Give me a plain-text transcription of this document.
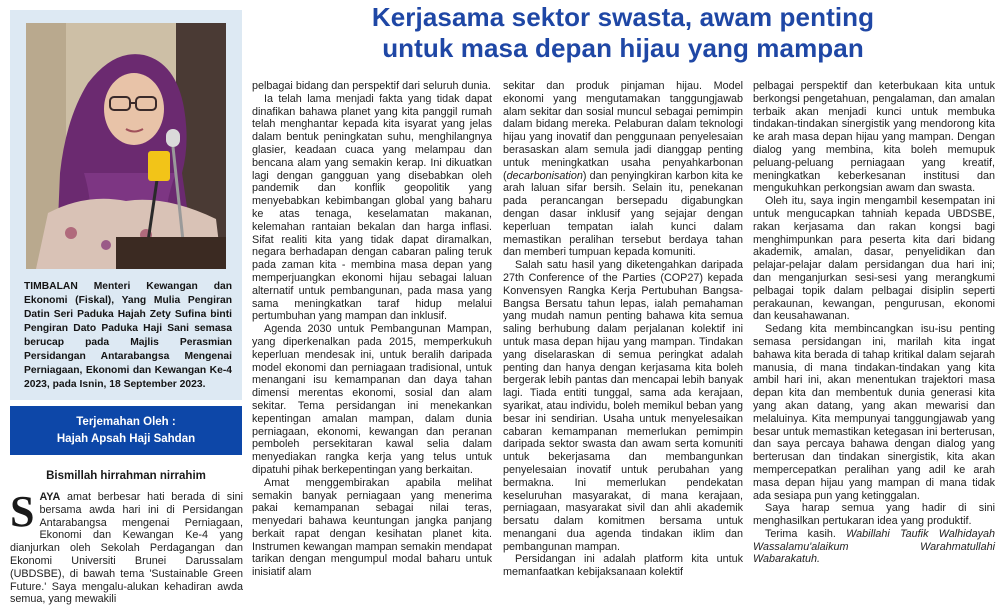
TIMBALAN Menteri Kewangan dan Ekonomi (Fiskal), Yang Mulia Pengiran Datin Seri Paduka Hajah Zety Sufina binti Pengiran Dato Paduka Haji Sani semasa berucap pada Majlis Perasmian Persidangan Antarabangsa Mengenai Perniagaan, Ekonomi dan Kewangan Ke-4 2023, pada Isnin, 18 September 2023.
Terjemahan Oleh :
Hajah Apsah Haji Sahdan
Bismillah hirrahman nirrahim
Kerjasama sektor swasta, awam penting
untuk masa depan hijau yang mampan

SAYA amat berbesar hati berada di sini bersama awda hari ini di Persidangan Antarabangsa mengenai Perniagaan, Ekonomi dan Kewangan Ke-4 yang dianjurkan oleh Sekolah Perdagangan dan Ekonomi Universiti Brunei Darussalam (UBDSBE), di bawah tema 'Sustainable Green Future.' Saya mengalu-alukan kehadiran awda semua, yang mewakili

pelbagai bidang dan perspektif dari seluruh dunia.

Ia telah lama menjadi fakta yang tidak dapat dinafikan bahawa planet yang kita panggil rumah telah menghantar kepada kita isyarat yang jelas dalam bentuk peningkatan suhu, menghilangnya glasier, keadaan cuaca yang melampau dan bencana alam yang semakin kerap. Ini dikuatkan lagi dengan gangguan yang disebabkan oleh pandemik dan konflik geopolitik yang menyebabkan kebimbangan global yang baharu ke atas tenaga, keselamatan makanan, kelemahan rantaian bekalan dan harga inflasi. Sifat realiti kita yang tidak dapat diramalkan, negara berhadapan dengan cabaran paling teruk pada zaman kita - membina masa depan yang memperjuangkan ekonomi hijau sebagai laluan alternatif untuk pembangunan, pada masa yang sama meningkatkan taraf hidup melalui pertumbuhan yang mampan dan inklusif.

Agenda 2030 untuk Pembangunan Mampan, yang diperkenalkan pada 2015, memperkukuh keperluan mendesak ini, untuk beralih daripada model ekonomi dan perniagaan tradisional, untuk menangani isu kemampanan dan daya tahan dimensi merentas ekonomi, sosial dan alam sekitar. Tema persidangan ini menekankan kepentingan amalan mampan, dalam dunia perniagaan, ekonomi, kewangan dan peranan pemboleh persekitaran kawal selia dalam menyediakan rangka kerja yang telus untuk dipatuhi pihak berkepentingan yang berkaitan.

Amat menggembirakan apabila melihat semakin banyak perniagaan yang menerima pakai kemampanan sebagai nilai teras, menyedari bahawa keuntungan jangka panjang berkait rapat dengan kesihatan planet kita. Instrumen kewangan mampan semakin mendapat tarikan dengan mengumpul modal baharu untuk inisiatif alam

sekitar dan produk pinjaman hijau. Model ekonomi yang mengutamakan tanggungjawab alam sekitar dan sosial muncul sebagai pemimpin dalam bidang mereka. Pelaburan dalam teknologi hijau yang inovatif dan penggunaan penyelesaian berasaskan alam semula jadi dianggap penting untuk meningkatkan usaha penyahkarbonan (decarbonisation) dan penyingkiran karbon kita ke arah laluan sifar bersih. Selain itu, penekanan pada perancangan bersepadu digabungkan dengan dasar inklusif yang sejajar dengan keperluan tempatan ialah kunci dalam memastikan peralihan tersebut berdaya tahan dan memberi tumpuan kepada komuniti.

Salah satu hasil yang diketengahkan daripada 27th Conference of the Parties (COP27) kepada Konvensyen Rangka Kerja Pertubuhan Bangsa-Bangsa Bersatu tahun lepas, ialah pemahaman yang mudah namun penting bahawa kita semua saling berhubung dalam perjalanan kolektif ini untuk masa depan hijau yang mampan. Tindakan yang diselaraskan di semua peringkat adalah penting dan hanya dengan kerjasama kita boleh bergerak lebih pantas dan mencapai lebih banyak lagi. Tiada entiti tunggal, sama ada kerajaan, syarikat, atau individu, boleh memikul beban yang besar ini sendirian. Usaha untuk menyelesaikan cabaran kemampanan memerlukan pemimpin daripada sektor swasta dan awam serta komuniti untuk bekerjasama dan membangunkan penyelesaian inovatif untuk perubahan yang bermakna. Ini memerlukan pendekatan keseluruhan masyarakat, di mana kerajaan, perniagaan, masyarakat sivil dan ahli akademik bersatu dalam komitmen bersama untuk menangani dua agenda tindakan iklim dan pembangunan mampan.

Persidangan ini adalah platform kita untuk memanfaatkan kebijaksanaan kolektif

pelbagai perspektif dan keterbukaan kita untuk berkongsi pengetahuan, pengalaman, dan amalan terbaik akan menjadi kunci untuk membuka tindakan-tindakan sinergistik yang mendorong kita ke arah masa depan hijau yang mampan. Dengan dialog yang membina, kita boleh memupuk peluang-peluang perniagaan yang kreatif, meningkatkan keberkesanan institusi dan mengukuhkan perkongsian awam dan swasta.

Oleh itu, saya ingin mengambil kesempatan ini untuk mengucapkan tahniah kepada UBDSBE, rakan kerjasama dan rakan kongsi bagi menghimpunkan para peserta kita dari bidang akademik, amalan, dasar, penyelidikan dan pelajar-pelajar dalam persidangan dua hari ini; dan menganjurkan sesi-sesi yang merangkumi pelbagai topik dalam pelbagai disiplin seperti perakaunan, kewangan, pengurusan, ekonomi dan keusahawanan.

Sedang kita membincangkan isu-isu penting semasa persidangan ini, marilah kita ingat bahawa kita berada di tahap kritikal dalam sejarah manusia, di mana tindakan-tindakan yang kita ambil hari ini, akan menentukan trajektori masa depan kita dan membentuk dunia generasi kita yang akan datang, yang akan mewarisi dan melaluinya. Kita mempunyai tanggungjawab yang besar untuk memastikan ketegasan ini berterusan, dan saya percaya bahawa dengan dialog yang berterusan dan tindakan sinergistik, kita akan mempercepatkan peralihan yang adil ke arah masa depan hijau yang mampan di mana tidak ada sesiapa pun yang ketinggalan.

Saya harap semua yang hadir di sini menghasilkan pertukaran idea yang produktif.

Terima kasih. Wabillahi Taufik Walhidayah Wassalamu'alaikum Warahmatullahi Wabarakatuh.
